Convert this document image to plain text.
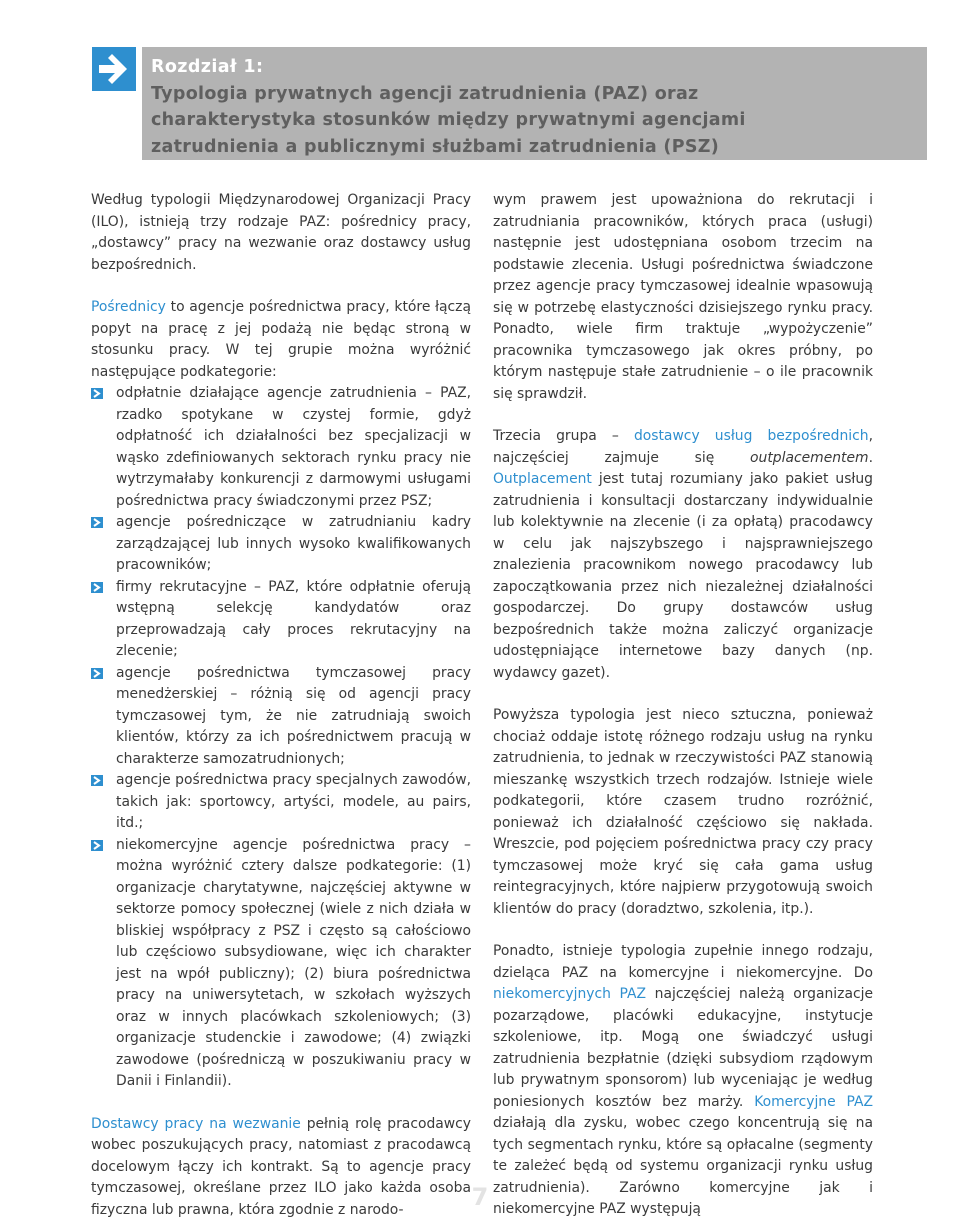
Rozdział 1:
Typologia prywatnych agencji zatrudnienia (PAZ) oraz
charakterystyka stosunków między prywatnymi agencjami
zatrudnienia a publicznymi służbami zatrudnienia (PSZ)

Według typologii Międzynarodowej Organizacji Pracy (ILO), istnieją trzy rodzaje PAZ: pośrednicy pracy, „dostawcy” pracy na wezwanie oraz dostawcy usług bezpośrednich.

Pośrednicy to agencje pośrednictwa pracy, które łączą popyt na pracę z jej podażą nie będąc stroną w stosunku pracy. W tej grupie można wyróżnić następujące podkategorie:

odpłatnie działające agencje zatrudnienia – PAZ, rzadko spotykane w czystej formie, gdyż odpłatność ich działalności bez specjalizacji w wąsko zdefiniowanych sektorach rynku pracy nie wytrzymałaby konkurencji z darmowymi usługami pośrednictwa pracy świadczonymi przez PSZ;
agencje pośredniczące w zatrudnianiu kadry zarządzającej lub innych wysoko kwalifikowanych pracowników;
firmy rekrutacyjne – PAZ, które odpłatnie oferują wstępną selekcję kandydatów oraz przeprowadzają cały proces rekrutacyjny na zlecenie;
agencje pośrednictwa tymczasowej pracy menedżerskiej – różnią się od agencji pracy tymczasowej tym, że nie zatrudniają swoich klientów, którzy za ich pośrednictwem pracują w charakterze samozatrudnionych;
agencje pośrednictwa pracy specjalnych zawodów, takich jak: sportowcy, artyści, modele, au pairs, itd.;
niekomercyjne agencje pośrednictwa pracy – można wyróżnić cztery dalsze podkategorie: (1) organizacje charytatywne, najczęściej aktywne w sektorze pomocy społecznej (wiele z nich działa w bliskiej współpracy z PSZ i często są całościowo lub częściowo subsydiowane, więc ich charakter jest na wpół publiczny); (2) biura pośrednictwa pracy na uniwersytetach, w szkołach wyższych oraz w innych placówkach szkoleniowych; (3) organizacje studenckie i zawodowe; (4) związki zawodowe (pośredniczą w poszukiwaniu pracy w Danii i Finlandii).

Dostawcy pracy na wezwanie pełnią rolę pracodawcy wobec poszukujących pracy, natomiast z pracodawcą docelowym łączy ich kontrakt. Są to agencje pracy tymczasowej, określane przez ILO jako każda osoba fizyczna lub prawna, która zgodnie z narodo-

wym prawem jest upoważniona do rekrutacji i zatrudniania pracowników, których praca (usługi) następnie jest udostępniana osobom trzecim na podstawie zlecenia. Usługi pośrednictwa świadczone przez agencje pracy tymczasowej idealnie wpasowują się w potrzebę elastyczności dzisiejszego rynku pracy. Ponadto, wiele firm traktuje „wypożyczenie” pracownika tymczasowego jak okres próbny, po którym następuje stałe zatrudnienie – o ile pracownik się sprawdził.

Trzecia grupa – dostawcy usług bezpośrednich, najczęściej zajmuje się outplacementem. Outplacement jest tutaj rozumiany jako pakiet usług zatrudnienia i konsultacji dostarczany indywidualnie lub kolektywnie na zlecenie (i za opłatą) pracodawcy w celu jak najszybszego i najsprawniejszego znalezienia pracownikom nowego pracodawcy lub zapoczątkowania przez nich niezależnej działalności gospodarczej. Do grupy dostawców usług bezpośrednich także można zaliczyć organizacje udostępniające internetowe bazy danych (np. wydawcy gazet).

Powyższa typologia jest nieco sztuczna, ponieważ chociaż oddaje istotę różnego rodzaju usług na rynku zatrudnienia, to jednak w rzeczywistości PAZ stanowią mieszankę wszystkich trzech rodzajów. Istnieje wiele podkategorii, które czasem trudno rozróżnić, ponieważ ich działalność częściowo się nakłada. Wreszcie, pod pojęciem pośrednictwa pracy czy pracy tymczasowej może kryć się cała gama usług reintegracyjnych, które najpierw przygotowują swoich klientów do pracy (doradztwo, szkolenia, itp.).

Ponadto, istnieje typologia zupełnie innego rodzaju, dzieląca PAZ na komercyjne i niekomercyjne. Do niekomercyjnych PAZ najczęściej należą organizacje pozarządowe, placówki edukacyjne, instytucje szkoleniowe, itp. Mogą one świadczyć usługi zatrudnienia bezpłatnie (dzięki subsydiom rządowym lub prywatnym sponsorom) lub wyceniając je według poniesionych kosztów bez marży. Komercyjne PAZ działają dla zysku, wobec czego koncentrują się na tych segmentach rynku, które są opłacalne (segmenty te zależeć będą od systemu organizacji rynku usług zatrudnienia). Zarówno komercyjne jak i niekomercyjne PAZ występują

7
